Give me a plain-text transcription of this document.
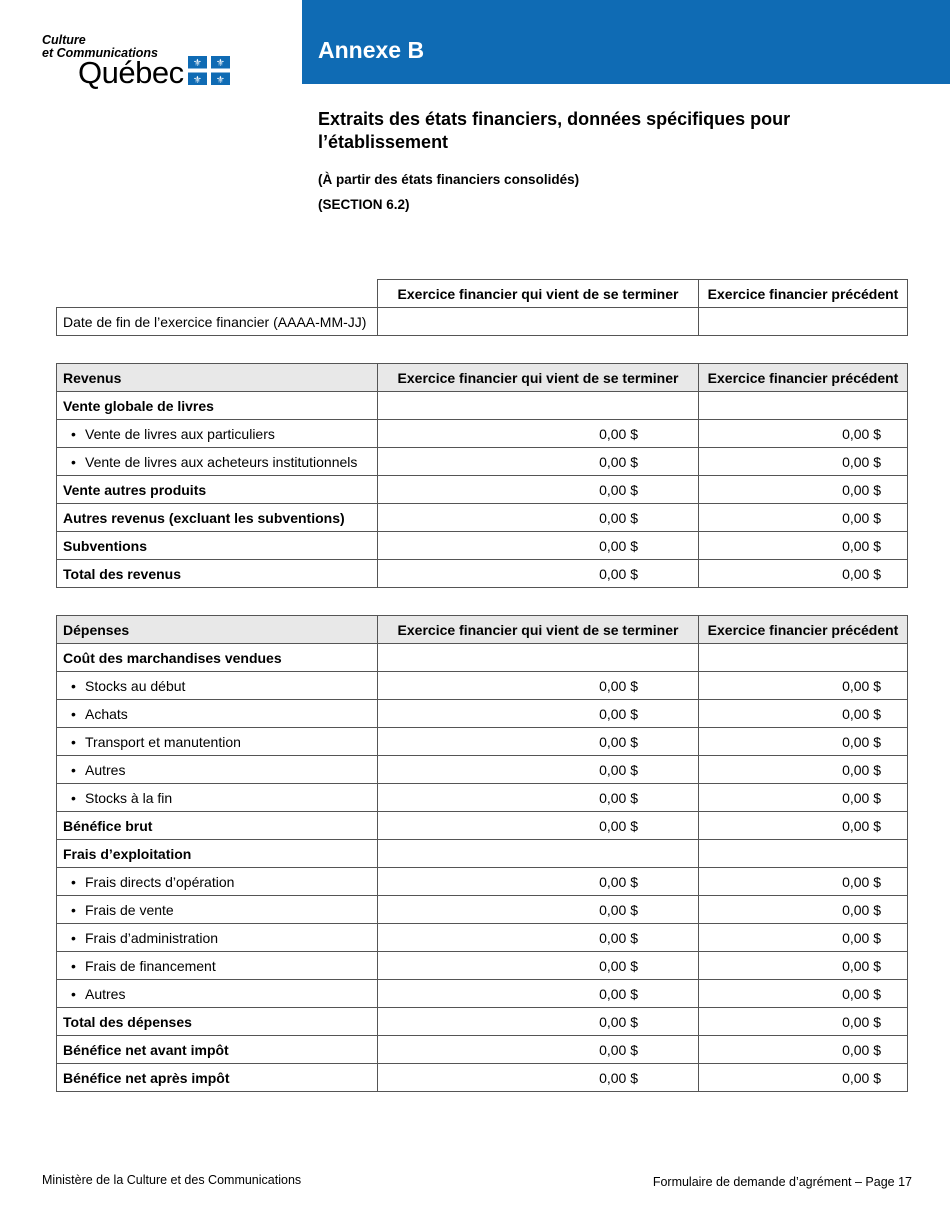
Culture
et Communications
Québec ⚜ ⚜
⚜ ⚜
Annexe B
Extraits des états financiers, données spécifiques pour l’établissement
(À partir des états financiers consolidés)
(SECTION 6.2)
	Exercice financier qui vient de se terminer	Exercice financier précédent
Date de fin de l’exercice financier (AAAA-MM-JJ)		
Revenus	Exercice financier qui vient de se terminer	Exercice financier précédent
Vente globale de livres		
• Vente de livres aux particuliers	0,00 $	0,00 $
• Vente de livres aux acheteurs institutionnels	0,00 $	0,00 $
Vente autres produits	0,00 $	0,00 $
Autres revenus (excluant les subventions)	0,00 $	0,00 $
Subventions	0,00 $	0,00 $
Total des revenus	0,00 $	0,00 $
Dépenses	Exercice financier qui vient de se terminer	Exercice financier précédent
Coût des marchandises vendues		
• Stocks au début	0,00 $	0,00 $
• Achats	0,00 $	0,00 $
• Transport et manutention	0,00 $	0,00 $
• Autres	0,00 $	0,00 $
• Stocks à la fin	0,00 $	0,00 $
Bénéfice brut	0,00 $	0,00 $
Frais d’exploitation		
• Frais directs d’opération	0,00 $	0,00 $
• Frais de vente	0,00 $	0,00 $
• Frais d’administration	0,00 $	0,00 $
• Frais de financement	0,00 $	0,00 $
• Autres	0,00 $	0,00 $
Total des dépenses	0,00 $	0,00 $
Bénéfice net avant impôt	0,00 $	0,00 $
Bénéfice net après impôt	0,00 $	0,00 $
Ministère de la Culture et des Communications	Formulaire de demande d’agrément – Page 17
